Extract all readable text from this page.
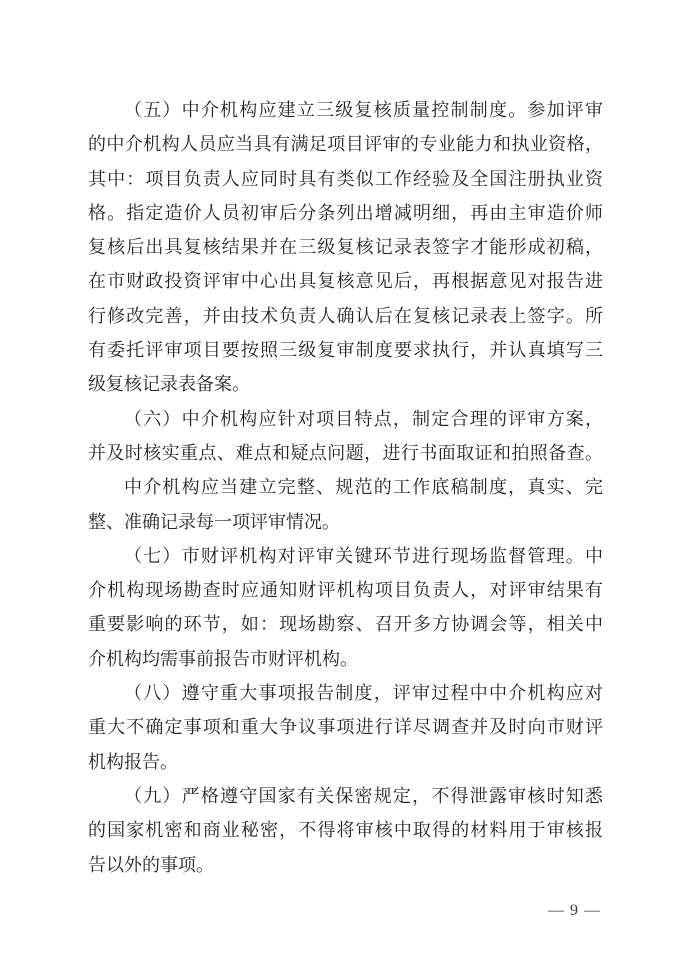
（五）中介机构应建立三级复核质量控制制度。参加评审
的中介机构人员应当具有满足项目评审的专业能力和执业资格，
其中：项目负责人应同时具有类似工作经验及全国注册执业资
格。指定造价人员初审后分条列出增减明细，再由主审造价师
复核后出具复核结果并在三级复核记录表签字才能形成初稿，
在市财政投资评审中心出具复核意见后，再根据意见对报告进
行修改完善，并由技术负责人确认后在复核记录表上签字。所
有委托评审项目要按照三级复审制度要求执行，并认真填写三
级复核记录表备案。
（六）中介机构应针对项目特点，制定合理的评审方案，
并及时核实重点、难点和疑点问题，进行书面取证和拍照备查。
中介机构应当建立完整、规范的工作底稿制度，真实、完
整、准确记录每一项评审情况。
（七）市财评机构对评审关键环节进行现场监督管理。中
介机构现场勘查时应通知财评机构项目负责人，对评审结果有
重要影响的环节，如：现场勘察、召开多方协调会等，相关中
介机构均需事前报告市财评机构。
（八）遵守重大事项报告制度，评审过程中中介机构应对
重大不确定事项和重大争议事项进行详尽调查并及时向市财评
机构报告。
（九）严格遵守国家有关保密规定，不得泄露审核时知悉
的国家机密和商业秘密，不得将审核中取得的材料用于审核报
告以外的事项。
— 9 —
